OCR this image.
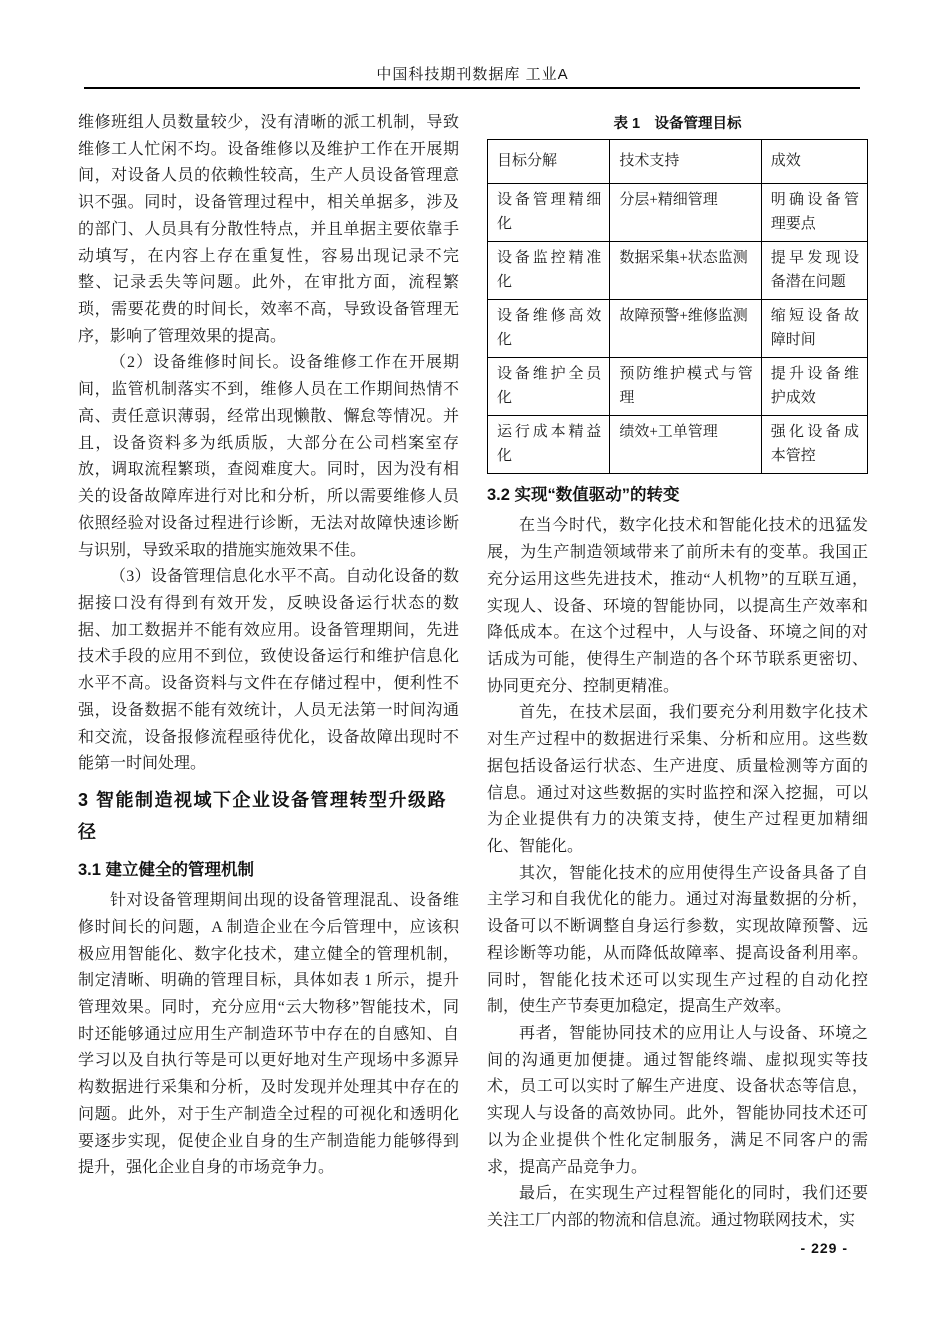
中国科技期刊数据库 工业A

维修班组人员数量较少，没有清晰的派工机制，导致维修工人忙闲不均。设备维修以及维护工作在开展期间，对设备人员的依赖性较高，生产人员设备管理意识不强。同时，设备管理过程中，相关单据多，涉及的部门、人员具有分散性特点，并且单据主要依靠手动填写，在内容上存在重复性，容易出现记录不完整、记录丢失等问题。此外，在审批方面，流程繁琐，需要花费的时间长，效率不高，导致设备管理无序，影响了管理效果的提高。

（2）设备维修时间长。设备维修工作在开展期间，监管机制落实不到，维修人员在工作期间热情不高、责任意识薄弱，经常出现懒散、懈怠等情况。并且，设备资料多为纸质版，大部分在公司档案室存放，调取流程繁琐，查阅难度大。同时，因为没有相关的设备故障库进行对比和分析，所以需要维修人员依照经验对设备过程进行诊断，无法对故障快速诊断与识别，导致采取的措施实施效果不佳。

（3）设备管理信息化水平不高。自动化设备的数据接口没有得到有效开发，反映设备运行状态的数据、加工数据并不能有效应用。设备管理期间，先进技术手段的应用不到位，致使设备运行和维护信息化水平不高。设备资料与文件在存储过程中，便利性不强，设备数据不能有效统计，人员无法第一时间沟通和交流，设备报修流程亟待优化，设备故障出现时不能第一时间处理。

3 智能制造视域下企业设备管理转型升级路径
3.1 建立健全的管理机制

针对设备管理期间出现的设备管理混乱、设备维修时间长的问题，A 制造企业在今后管理中，应该积极应用智能化、数字化技术，建立健全的管理机制，制定清晰、明确的管理目标，具体如表 1 所示，提升管理效果。同时，充分应用“云大物移”智能技术，同时还能够通过应用生产制造环节中存在的自感知、自学习以及自执行等是可以更好地对生产现场中多源异构数据进行采集和分析，及时发现并处理其中存在的问题。此外，对于生产制造全过程的可视化和透明化要逐步实现，促使企业自身的生产制造能力能够得到提升，强化企业自身的市场竞争力。

表 1　设备管理目标
目标分解	技术支持	成效
设备管理精细化	分层+精细管理	明确设备管理要点
设备监控精准化	数据采集+状态监测	提早发现设备潜在问题
设备维修高效化	故障预警+维修监测	缩短设备故障时间
设备维护全员化	预防维护模式与管理	提升设备维护成效
运行成本精益化	绩效+工单管理	强化设备成本管控
3.2 实现“数值驱动”的转变

在当今时代，数字化技术和智能化技术的迅猛发展，为生产制造领域带来了前所未有的变革。我国正充分运用这些先进技术，推动“人机物”的互联互通，实现人、设备、环境的智能协同，以提高生产效率和降低成本。在这个过程中，人与设备、环境之间的对话成为可能，使得生产制造的各个环节联系更密切、协同更充分、控制更精准。

首先，在技术层面，我们要充分利用数字化技术对生产过程中的数据进行采集、分析和应用。这些数据包括设备运行状态、生产进度、质量检测等方面的信息。通过对这些数据的实时监控和深入挖掘，可以为企业提供有力的决策支持，使生产过程更加精细化、智能化。

其次，智能化技术的应用使得生产设备具备了自主学习和自我优化的能力。通过对海量数据的分析，设备可以不断调整自身运行参数，实现故障预警、远程诊断等功能，从而降低故障率、提高设备利用率。同时，智能化技术还可以实现生产过程的自动化控制，使生产节奏更加稳定，提高生产效率。

再者，智能协同技术的应用让人与设备、环境之间的沟通更加便捷。通过智能终端、虚拟现实等技术，员工可以实时了解生产进度、设备状态等信息，实现人与设备的高效协同。此外，智能协同技术还可以为企业提供个性化定制服务，满足不同客户的需求，提高产品竞争力。

最后，在实现生产过程智能化的同时，我们还要关注工厂内部的物流和信息流。通过物联网技术，实

- 229 -
